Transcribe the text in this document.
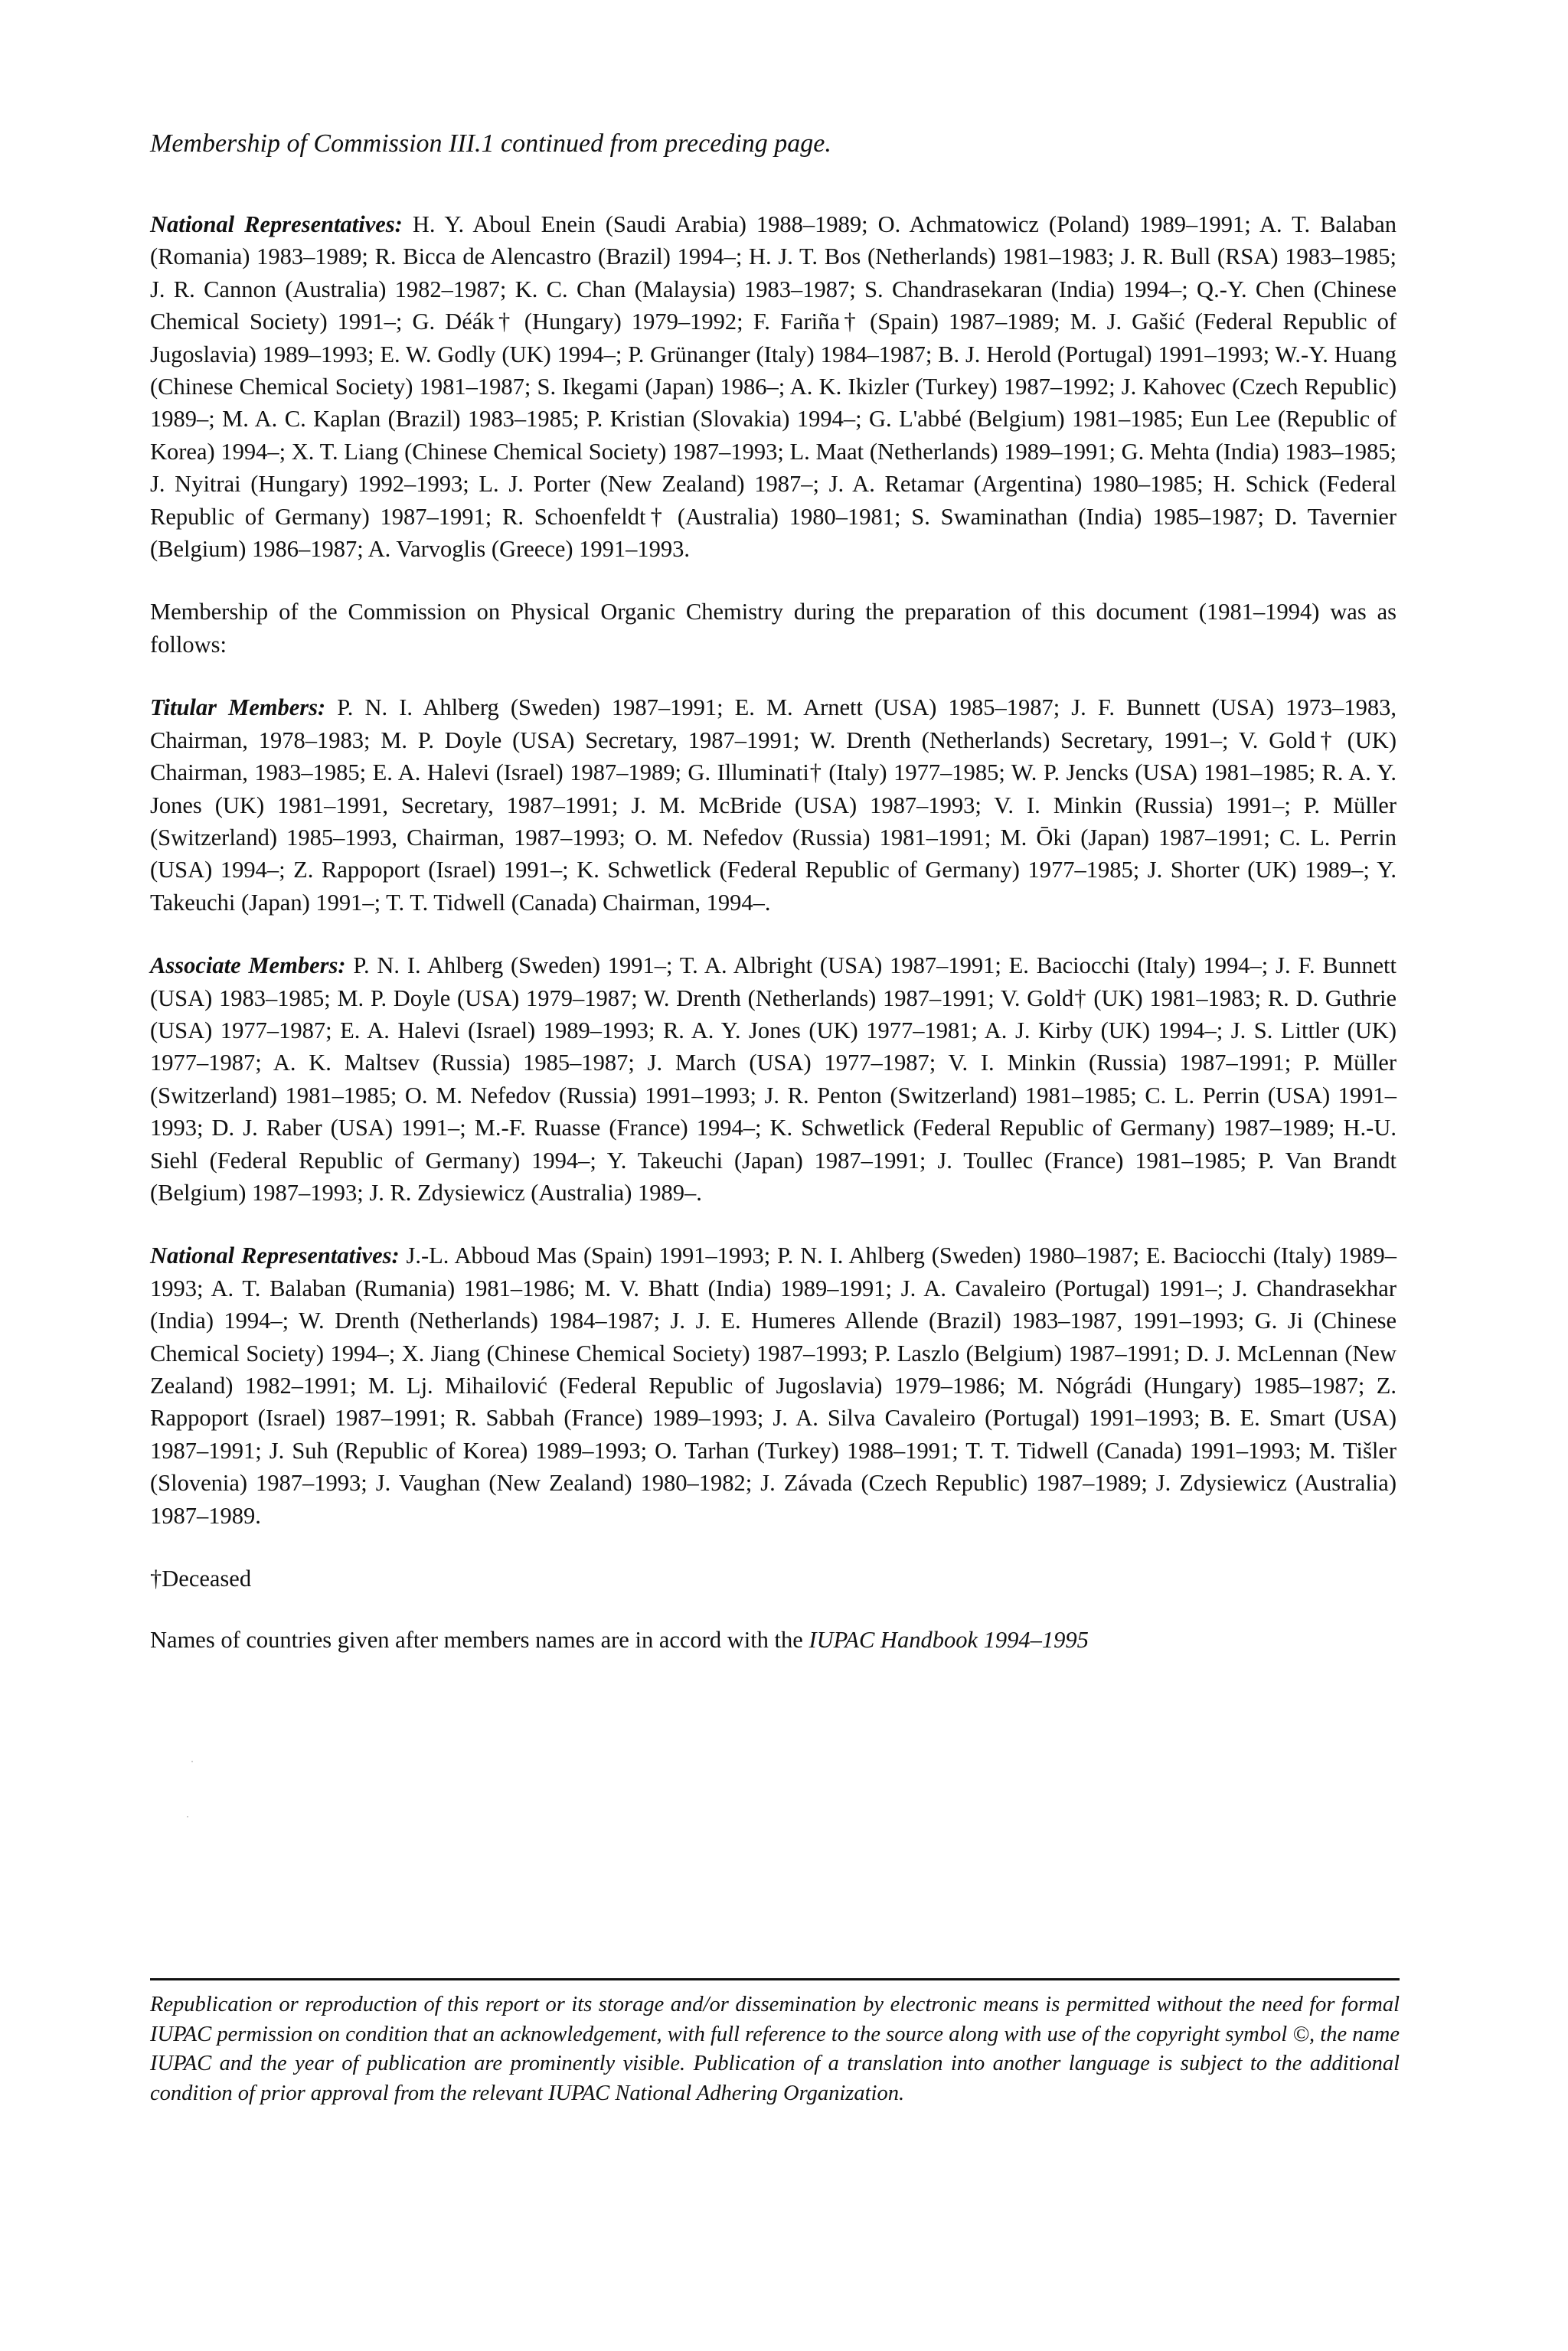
Membership of Commission III.1 continued from preceding page.

National Representatives: H. Y. Aboul Enein (Saudi Arabia) 1988–1989; O. Achmatowicz (Poland) 1989–1991; A. T. Balaban (Romania) 1983–1989; R. Bicca de Alencastro (Brazil) 1994–; H. J. T. Bos (Netherlands) 1981–1983; J. R. Bull (RSA) 1983–1985; J. R. Cannon (Australia) 1982–1987; K. C. Chan (Malaysia) 1983–1987; S. Chandrasekaran (India) 1994–; Q.-Y. Chen (Chinese Chemical Society) 1991–; G. Déák† (Hungary) 1979–1992; F. Fariña† (Spain) 1987–1989; M. J. Gašić (Federal Republic of Jugoslavia) 1989–1993; E. W. Godly (UK) 1994–; P. Grünanger (Italy) 1984–1987; B. J. Herold (Portugal) 1991–1993; W.-Y. Huang (Chinese Chemical Society) 1981–1987; S. Ikegami (Japan) 1986–; A. K. Ikizler (Turkey) 1987–1992; J. Kahovec (Czech Republic) 1989–; M. A. C. Kaplan (Brazil) 1983–1985; P. Kristian (Slovakia) 1994–; G. L'abbé (Belgium) 1981–1985; Eun Lee (Republic of Korea) 1994–; X. T. Liang (Chinese Chemical Society) 1987–1993; L. Maat (Netherlands) 1989–1991; G. Mehta (India) 1983–1985; J. Nyitrai (Hungary) 1992–1993; L. J. Porter (New Zealand) 1987–; J. A. Retamar (Argentina) 1980–1985; H. Schick (Federal Republic of Germany) 1987–1991; R. Schoenfeldt† (Australia) 1980–1981; S. Swaminathan (India) 1985–1987; D. Tavernier (Belgium) 1986–1987; A. Varvoglis (Greece) 1991–1993.

Membership of the Commission on Physical Organic Chemistry during the preparation of this document (1981–1994) was as follows:

Titular Members: P. N. I. Ahlberg (Sweden) 1987–1991; E. M. Arnett (USA) 1985–1987; J. F. Bunnett (USA) 1973–1983, Chairman, 1978–1983; M. P. Doyle (USA) Secretary, 1987–1991; W. Drenth (Netherlands) Secretary, 1991–; V. Gold† (UK) Chairman, 1983–1985; E. A. Halevi (Israel) 1987–1989; G. Illuminati† (Italy) 1977–1985; W. P. Jencks (USA) 1981–1985; R. A. Y. Jones (UK) 1981–1991, Secretary, 1987–1991; J. M. McBride (USA) 1987–1993; V. I. Minkin (Russia) 1991–; P. Müller (Switzerland) 1985–1993, Chairman, 1987–1993; O. M. Nefedov (Russia) 1981–1991; M. Ōki (Japan) 1987–1991; C. L. Perrin (USA) 1994–; Z. Rappoport (Israel) 1991–; K. Schwetlick (Federal Republic of Germany) 1977–1985; J. Shorter (UK) 1989–; Y. Takeuchi (Japan) 1991–; T. T. Tidwell (Canada) Chairman, 1994–.

Associate Members: P. N. I. Ahlberg (Sweden) 1991–; T. A. Albright (USA) 1987–1991; E. Baciocchi (Italy) 1994–; J. F. Bunnett (USA) 1983–1985; M. P. Doyle (USA) 1979–1987; W. Drenth (Netherlands) 1987–1991; V. Gold† (UK) 1981–1983; R. D. Guthrie (USA) 1977–1987; E. A. Halevi (Israel) 1989–1993; R. A. Y. Jones (UK) 1977–1981; A. J. Kirby (UK) 1994–; J. S. Littler (UK) 1977–1987; A. K. Maltsev (Russia) 1985–1987; J. March (USA) 1977–1987; V. I. Minkin (Russia) 1987–1991; P. Müller (Switzerland) 1981–1985; O. M. Nefedov (Russia) 1991–1993; J. R. Penton (Switzerland) 1981–1985; C. L. Perrin (USA) 1991–1993; D. J. Raber (USA) 1991–; M.-F. Ruasse (France) 1994–; K. Schwetlick (Federal Republic of Germany) 1987–1989; H.-U. Siehl (Federal Republic of Germany) 1994–; Y. Takeuchi (Japan) 1987–1991; J. Toullec (France) 1981–1985; P. Van Brandt (Belgium) 1987–1993; J. R. Zdysiewicz (Australia) 1989–.

National Representatives: J.-L. Abboud Mas (Spain) 1991–1993; P. N. I. Ahlberg (Sweden) 1980–1987; E. Baciocchi (Italy) 1989–1993; A. T. Balaban (Rumania) 1981–1986; M. V. Bhatt (India) 1989–1991; J. A. Cavaleiro (Portugal) 1991–; J. Chandrasekhar (India) 1994–; W. Drenth (Netherlands) 1984–1987; J. J. E. Humeres Allende (Brazil) 1983–1987, 1991–1993; G. Ji (Chinese Chemical Society) 1994–; X. Jiang (Chinese Chemical Society) 1987–1993; P. Laszlo (Belgium) 1987–1991; D. J. McLennan (New Zealand) 1982–1991; M. Lj. Mihailović (Federal Republic of Jugoslavia) 1979–1986; M. Nógrádi (Hungary) 1985–1987; Z. Rappoport (Israel) 1987–1991; R. Sabbah (France) 1989–1993; J. A. Silva Cavaleiro (Portugal) 1991–1993; B. E. Smart (USA) 1987–1991; J. Suh (Republic of Korea) 1989–1993; O. Tarhan (Turkey) 1988–1991; T. T. Tidwell (Canada) 1991–1993; M. Tišler (Slovenia) 1987–1993; J. Vaughan (New Zealand) 1980–1982; J. Závada (Czech Republic) 1987–1989; J. Zdysiewicz (Australia) 1987–1989.

†Deceased

Names of countries given after members names are in accord with the IUPAC Handbook 1994–1995

Republication or reproduction of this report or its storage and/or dissemination by electronic means is permitted without the need for formal IUPAC permission on condition that an acknowledgement, with full reference to the source along with use of the copyright symbol ©, the name IUPAC and the year of publication are prominently visible. Publication of a translation into another language is subject to the additional condition of prior approval from the relevant IUPAC National Adhering Organization.
